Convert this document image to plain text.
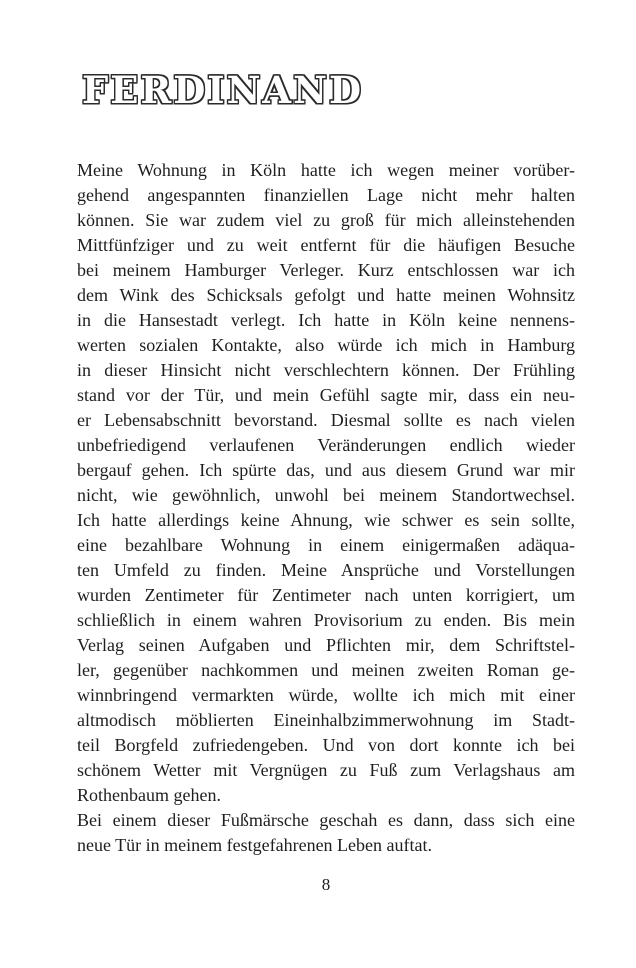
FERDINAND
Meine Wohnung in Köln hatte ich wegen meiner vorüber-
gehend angespannten finanziellen Lage nicht mehr halten
können. Sie war zudem viel zu groß für mich alleinstehenden
Mittfünfziger und zu weit entfernt für die häufigen Besuche
bei meinem Hamburger Verleger. Kurz entschlossen war ich
dem Wink des Schicksals gefolgt und hatte meinen Wohnsitz
in die Hansestadt verlegt. Ich hatte in Köln keine nennens-
werten sozialen Kontakte, also würde ich mich in Hamburg
in dieser Hinsicht nicht verschlechtern können. Der Frühling
stand vor der Tür, und mein Gefühl sagte mir, dass ein neu-
er Lebensabschnitt bevorstand. Diesmal sollte es nach vielen
unbefriedigend verlaufenen Veränderungen endlich wieder
bergauf gehen. Ich spürte das, und aus diesem Grund war mir
nicht, wie gewöhnlich, unwohl bei meinem Standortwechsel.
Ich hatte allerdings keine Ahnung, wie schwer es sein sollte,
eine bezahlbare Wohnung in einem einigermaßen adäqua-
ten Umfeld zu finden. Meine Ansprüche und Vorstellungen
wurden Zentimeter für Zentimeter nach unten korrigiert, um
schließlich in einem wahren Provisorium zu enden. Bis mein
Verlag seinen Aufgaben und Pflichten mir, dem Schriftstel-
ler, gegenüber nachkommen und meinen zweiten Roman ge-
winnbringend vermarkten würde, wollte ich mich mit einer
altmodisch möblierten Eineinhalbzimmerwohnung im Stadt-
teil Borgfeld zufriedengeben. Und von dort konnte ich bei
schönem Wetter mit Vergnügen zu Fuß zum Verlagshaus am
Rothenbaum gehen.
Bei einem dieser Fußmärsche geschah es dann, dass sich eine
neue Tür in meinem festgefahrenen Leben auftat.
8
